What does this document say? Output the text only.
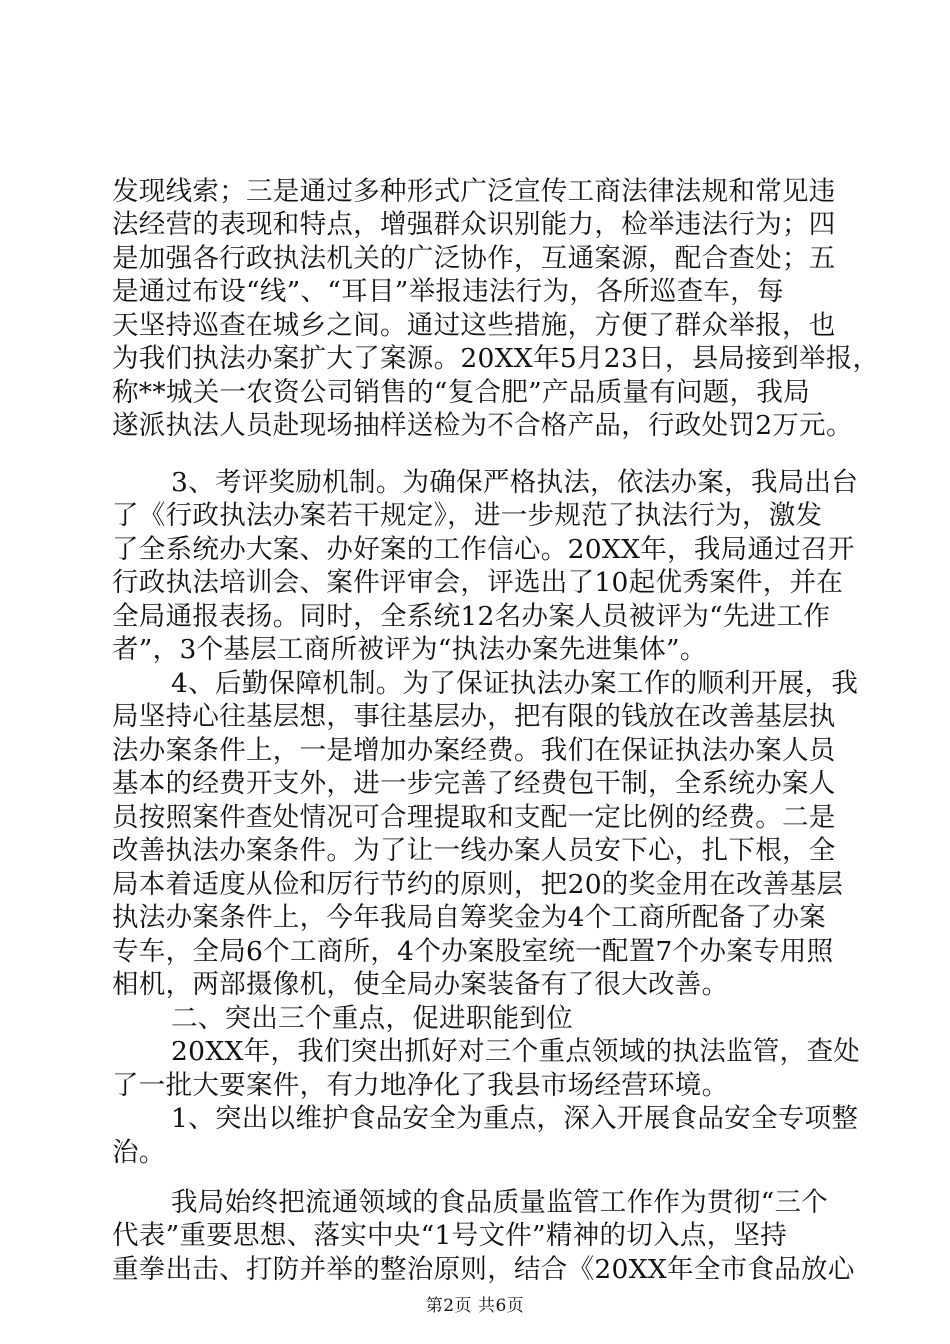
发现线索；三是通过多种形式广泛宣传工商法律法规和常见违
法经营的表现和特点，增强群众识别能力，检举违法行为；四
是加强各行政执法机关的广泛协作，互通案源，配合查处；五
是通过布设“线”、“耳目”举报违法行为，各所巡查车，每
天坚持巡查在城乡之间。通过这些措施，方便了群众举报，也
为我们执法办案扩大了案源。20XX年5月23日，县局接到举报，
称**城关一农资公司销售的“复合肥”产品质量有问题，我局
遂派执法人员赴现场抽样送检为不合格产品，行政处罚2万元。
3、考评奖励机制。为确保严格执法，依法办案，我局出台
了《行政执法办案若干规定》，进一步规范了执法行为，激发
了全系统办大案、办好案的工作信心。20XX年，我局通过召开
行政执法培训会、案件评审会，评选出了10起优秀案件，并在
全局通报表扬。同时，全系统12名办案人员被评为“先进工作
者”，3个基层工商所被评为“执法办案先进集体”。
4、后勤保障机制。为了保证执法办案工作的顺利开展，我
局坚持心往基层想，事往基层办，把有限的钱放在改善基层执
法办案条件上，一是增加办案经费。我们在保证执法办案人员
基本的经费开支外，进一步完善了经费包干制，全系统办案人
员按照案件查处情况可合理提取和支配一定比例的经费。二是
改善执法办案条件。为了让一线办案人员安下心，扎下根，全
局本着适度从俭和厉行节约的原则，把20的奖金用在改善基层
执法办案条件上，今年我局自筹奖金为4个工商所配备了办案
专车，全局6个工商所，4个办案股室统一配置7个办案专用照
相机，两部摄像机，使全局办案装备有了很大改善。
二、突出三个重点，促进职能到位
20XX年，我们突出抓好对三个重点领域的执法监管，查处
了一批大要案件，有力地净化了我县市场经营环境。
1、突出以维护食品安全为重点，深入开展食品安全专项整
治。
我局始终把流通领域的食品质量监管工作作为贯彻“三个
代表”重要思想、落实中央“1号文件”精神的切入点，坚持
重拳出击、打防并举的整治原则，结合《20XX年全市食品放心
第2页 共6页
